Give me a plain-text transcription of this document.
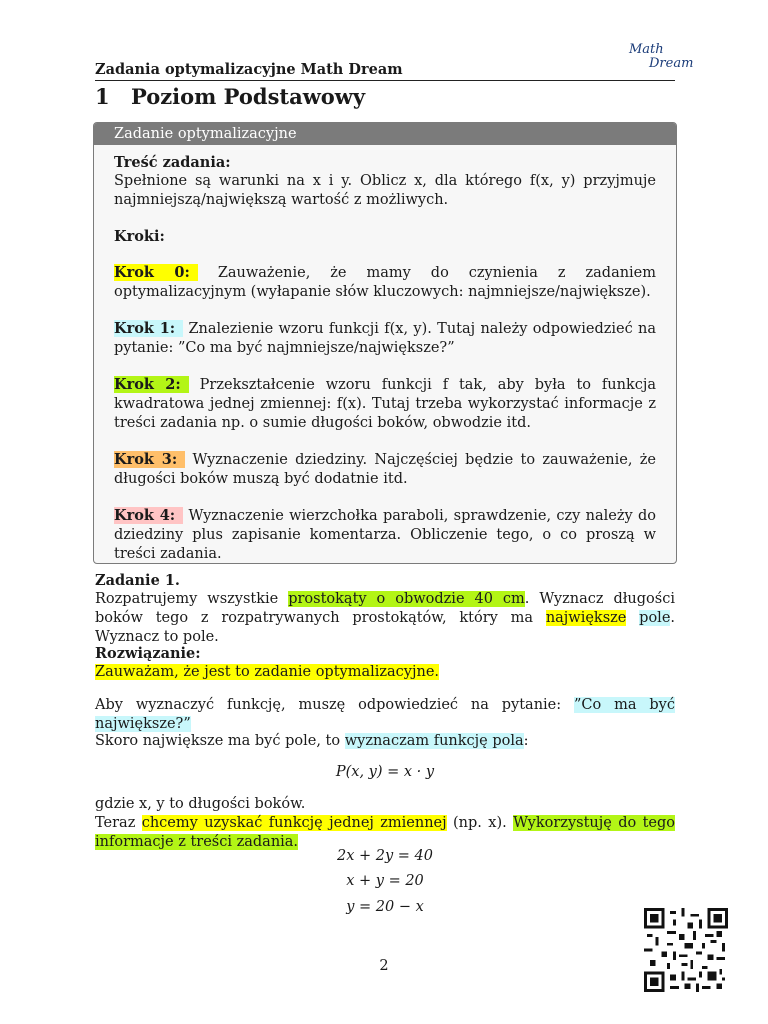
Zadania optymalizacyjne Math Dream
Math
Dream
1 Poziom Podstawowy
Zadanie optymalizacyjne

Treść zadania:

Spełnione są warunki na x i y. Oblicz x, dla którego f(x, y) przyjmuje najmniejszą/największą wartość z możliwych.

Kroki:

Krok 0: Zauważenie, że mamy do czynienia z zadaniem optymalizacyjnym (wyłapanie słów kluczowych: najmniejsze/największe).

Krok 1: Znalezienie wzoru funkcji f(x, y). Tutaj należy odpowiedzieć na pytanie: ”Co ma być najmniejsze/największe?”

Krok 2: Przekształcenie wzoru funkcji f tak, aby była to funkcja kwadratowa jednej zmiennej: f(x). Tutaj trzeba wykorzystać informacje z treści zadania np. o sumie długości boków, obwodzie itd.

Krok 3: Wyznaczenie dziedziny. Najczęściej będzie to zauważenie, że długości boków muszą być dodatnie itd.

Krok 4: Wyznaczenie wierzchołka paraboli, sprawdzenie, czy należy do dziedziny plus zapisanie komentarza. Obliczenie tego, o co proszą w treści zadania.

Zadanie 1.

Rozpatrujemy wszystkie prostokąty o obwodzie 40 cm. Wyznacz długości boków tego z rozpatrywanych prostokątów, który ma największe pole. Wyznacz to pole.

Rozwiązanie:

Zauważam, że jest to zadanie optymalizacyjne.

Aby wyznaczyć funkcję, muszę odpowiedzieć na pytanie: ”Co ma być największe?”

Skoro największe ma być pole, to wyznaczam funkcję pola:

P(x, y) = x · y

gdzie x, y to długości boków.

Teraz chcemy uzyskać funkcję jednej zmiennej (np. x). Wykorzystuję do tego informacje z treści zadania.

2x + 2y = 40
x + y = 20
y = 20 − x
2
